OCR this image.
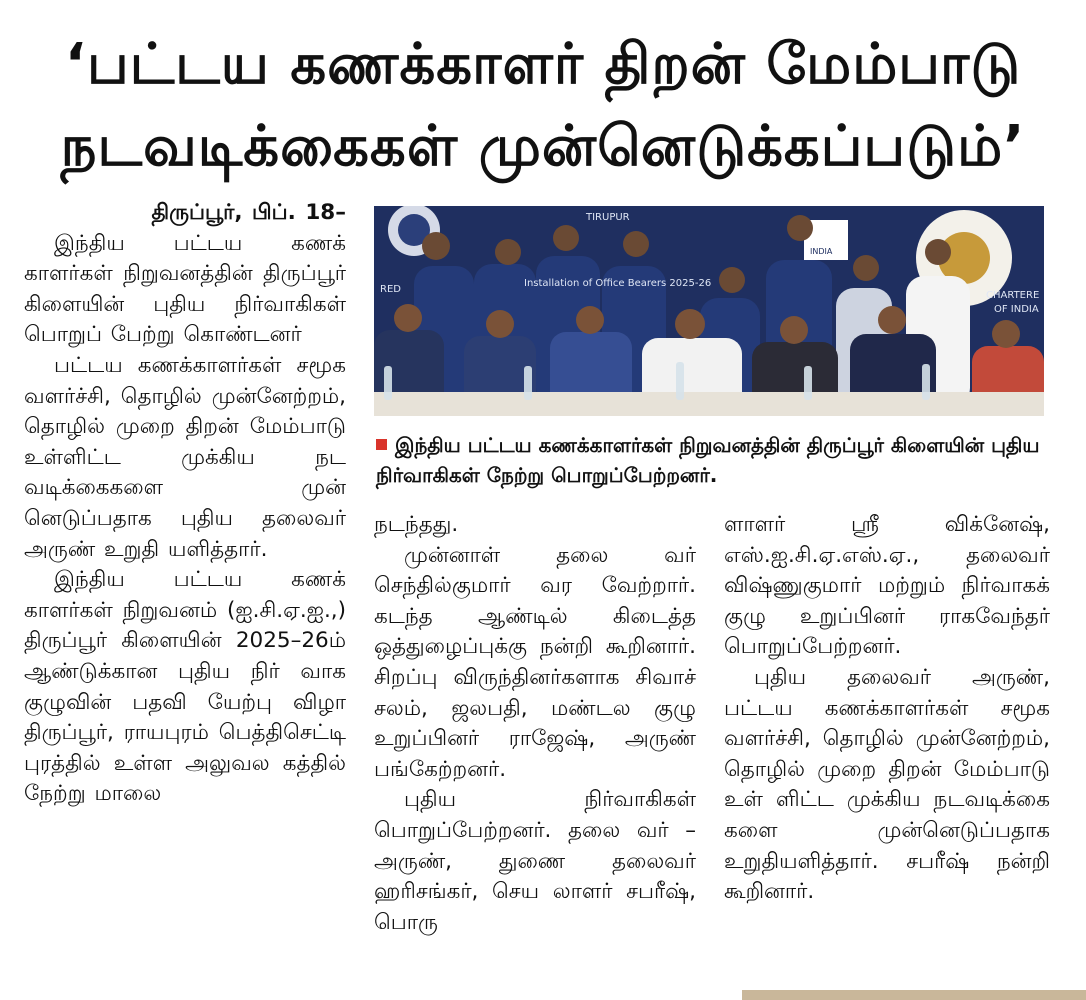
‘பட்டய கணக்காளர் திறன் மேம்பாடு
நடவடிக்கைகள் முன்னெடுக்கப்படும்’
திருப்பூர், பிப். 18–

இந்திய பட்டய கணக் காளர்கள் நிறுவனத்தின் திருப்பூர் கிளையின் புதிய நிர்வாகிகள் பொறுப் பேற்று கொண்டனர்

பட்டய கணக்காளர்கள் சமூக வளர்ச்சி, தொழில் முன்னேற்றம், தொழில் முறை திறன் மேம்பாடு உள்ளிட்ட முக்கிய நட வடிக்கைகளை முன் னெடுப்பதாக புதிய தலைவர் அருண் உறுதி யளித்தார்.

இந்திய பட்டய கணக் காளர்கள் நிறுவனம் (ஐ.சி.ஏ.ஐ.,) திருப்பூர் கிளையின் 2025–26ம் ஆண்டுக்கான புதிய நிர் வாக குழுவின் பதவி யேற்பு விழா திருப்பூர், ராயபுரம் பெத்திசெட்டி புரத்தில் உள்ள அலுவல கத்தில் நேற்று மாலை

RED
TIRUPUR
Installation of Office Bearers 2025-26
CHARTERE
OF INDIA
INDIA
இந்திய பட்டய கணக்காளர்கள் நிறுவனத்தின் திருப்பூர் கிளையின் புதிய நிர்வாகிகள் நேற்று பொறுப்பேற்றனர்.

நடந்தது.

முன்னாள் தலை வர் செந்தில்குமார் வர வேற்றார். கடந்த ஆண்டில் கிடைத்த ஒத்துழைப்புக்கு நன்றி கூறினார். சிறப்பு விருந்தினர்களாக சிவாச் சலம், ஜலபதி, மண்டல குழு உறுப்பினர் ராஜேஷ், அருண் பங்கேற்றனர்.

புதிய நிர்வாகிகள் பொறுப்பேற்றனர். தலை வர் – அருண், துணை தலைவர் ஹரிசங்கர், செய லாளர் சபரீஷ், பொரு

ளாளர் ஸ்ரீ விக்னேஷ், எஸ்.ஐ.சி.ஏ.எஸ்.ஏ., தலைவர் விஷ்ணுகுமார் மற்றும் நிர்வாகக் குழு உறுப்பினர் ராகவேந்தர் பொறுப்பேற்றனர்.

புதிய தலைவர் அருண், பட்டய கணக்காளர்கள் சமூக வளர்ச்சி, தொழில் முன்னேற்றம், தொழில் முறை திறன் மேம்பாடு உள் ளிட்ட முக்கிய நடவடிக்கை களை முன்னெடுப்பதாக உறுதியளித்தார். சபரீஷ் நன்றி கூறினார்.
